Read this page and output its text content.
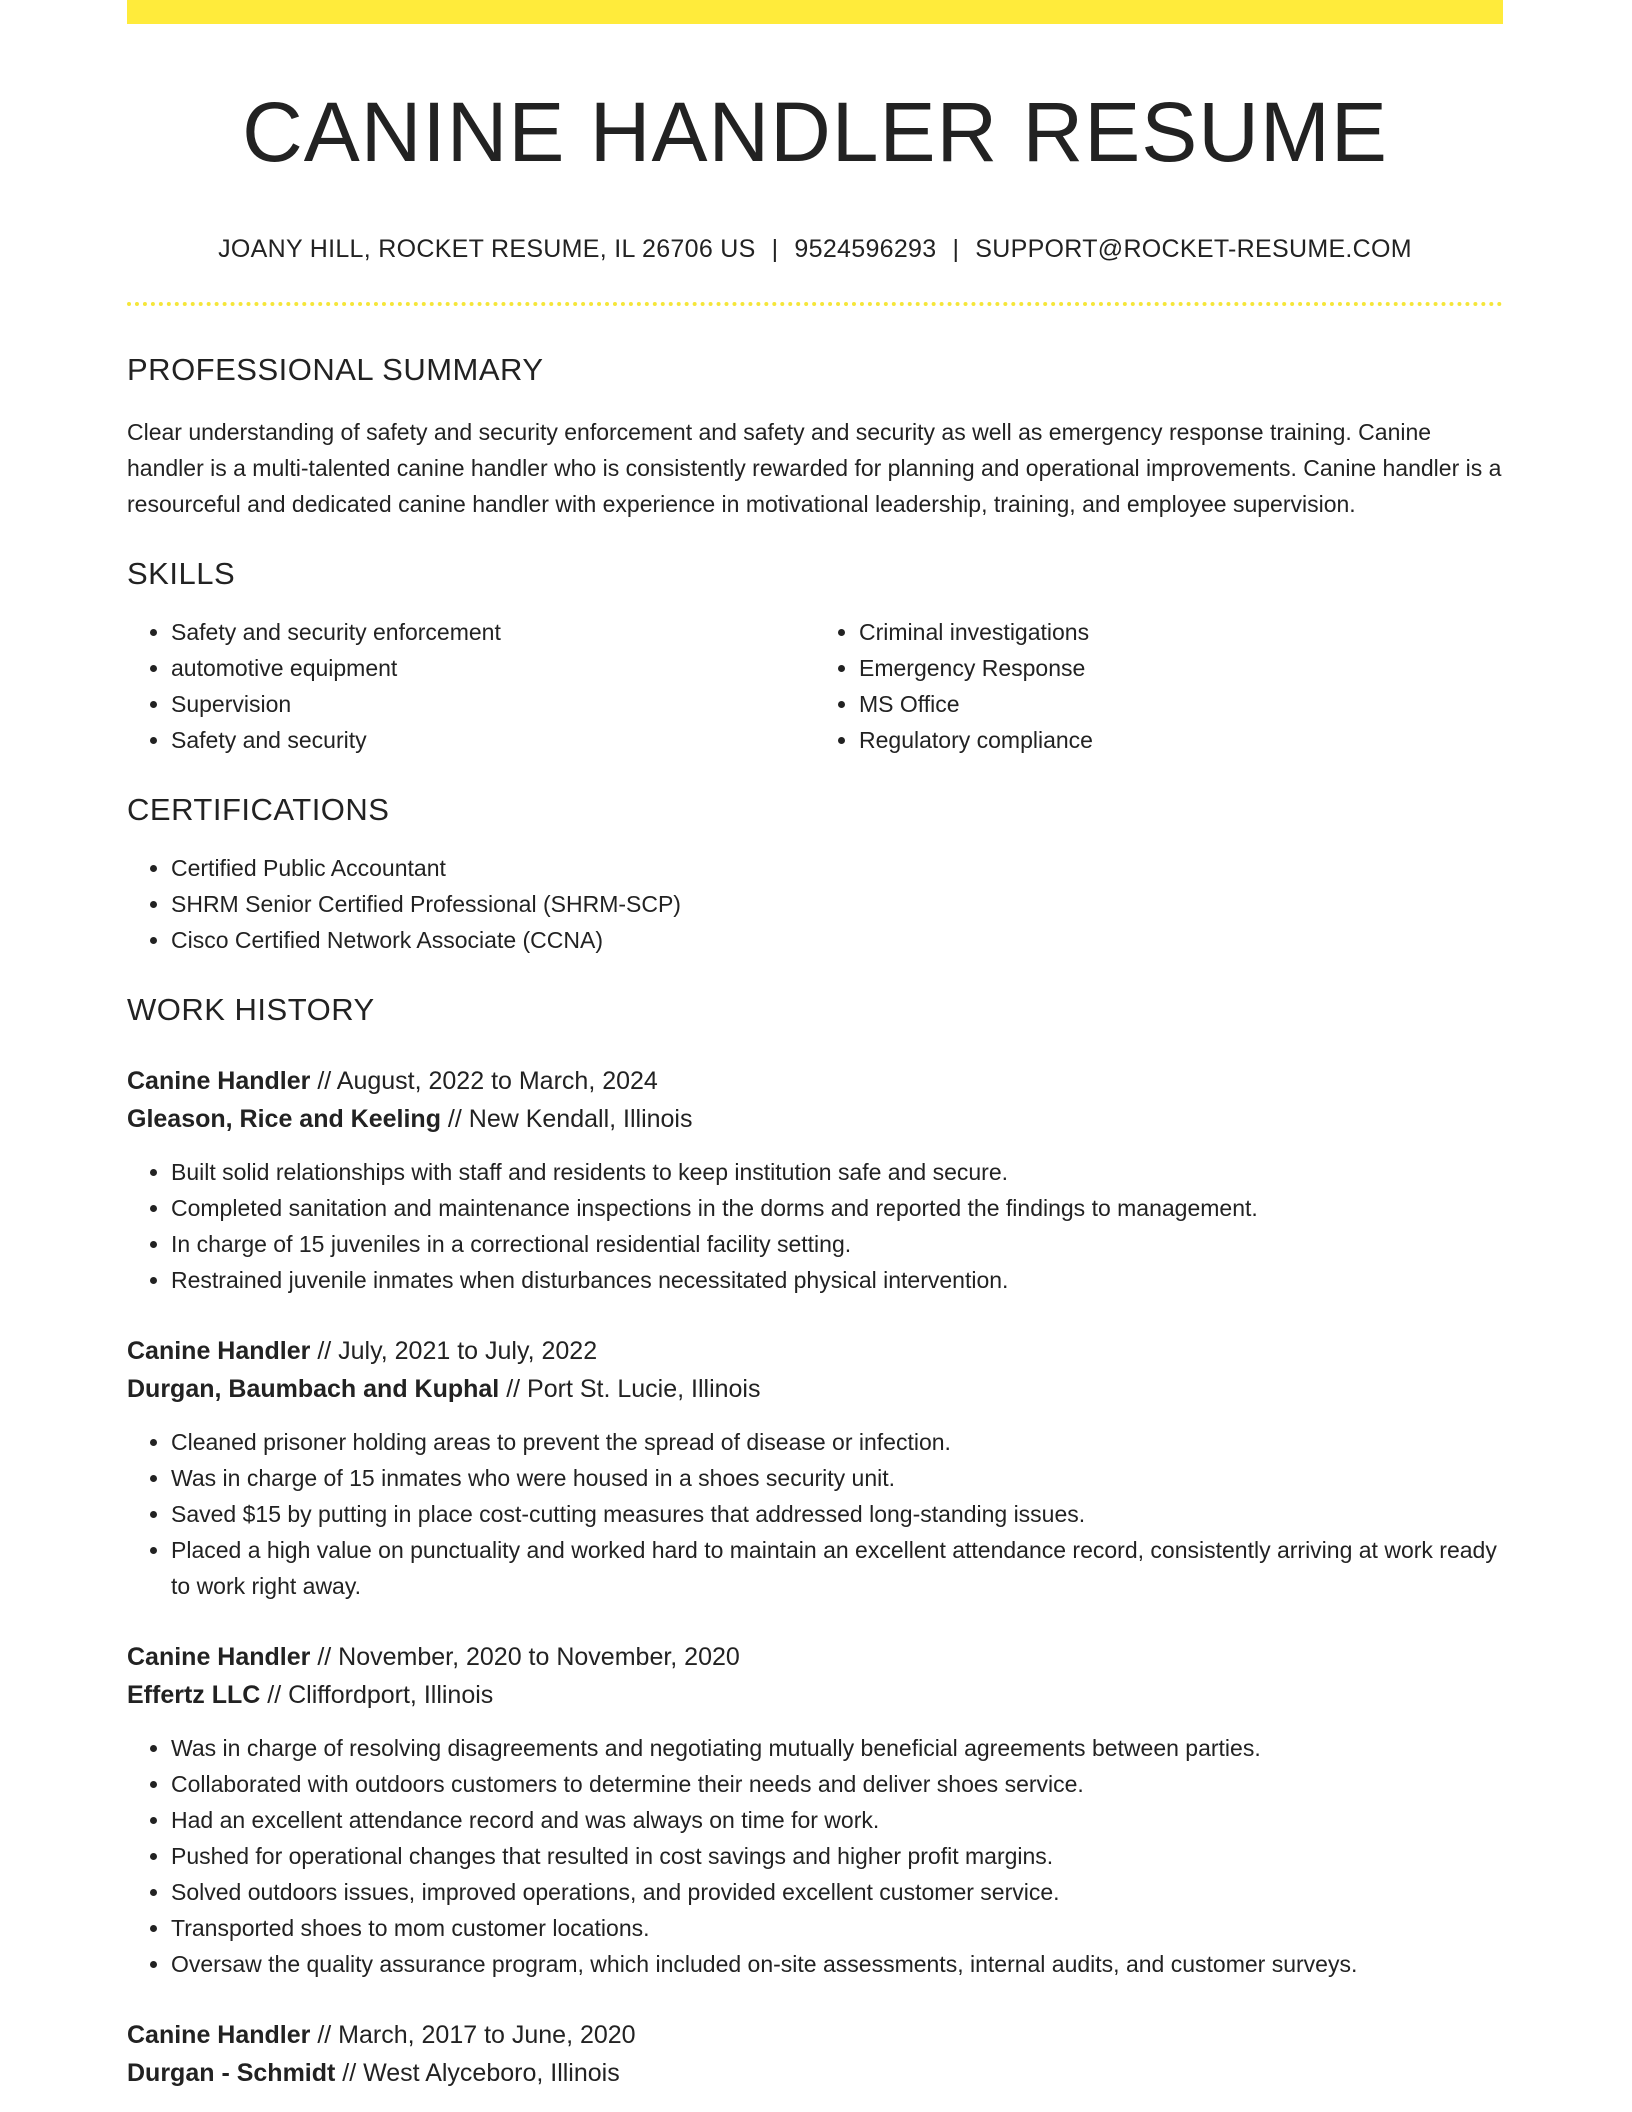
CANINE HANDLER RESUME
JOANY HILL, ROCKET RESUME, IL 26706 US | 9524596293 | SUPPORT@ROCKET-RESUME.COM
PROFESSIONAL SUMMARY

Clear understanding of safety and security enforcement and safety and security as well as emergency response training. Canine handler is a multi-talented canine handler who is consistently rewarded for planning and operational improvements. Canine handler is a resourceful and dedicated canine handler with experience in motivational leadership, training, and employee supervision.

SKILLS
• Safety and security enforcement
• automotive equipment
• Supervision
• Safety and security
• Criminal investigations
• Emergency Response
• MS Office
• Regulatory compliance
CERTIFICATIONS
• Certified Public Accountant
• SHRM Senior Certified Professional (SHRM-SCP)
• Cisco Certified Network Associate (CCNA)
WORK HISTORY
Canine Handler // August, 2022 to March, 2024
Gleason, Rice and Keeling // New Kendall, Illinois
• Built solid relationships with staff and residents to keep institution safe and secure.
• Completed sanitation and maintenance inspections in the dorms and reported the findings to management.
• In charge of 15 juveniles in a correctional residential facility setting.
• Restrained juvenile inmates when disturbances necessitated physical intervention.
Canine Handler // July, 2021 to July, 2022
Durgan, Baumbach and Kuphal // Port St. Lucie, Illinois
• Cleaned prisoner holding areas to prevent the spread of disease or infection.
• Was in charge of 15 inmates who were housed in a shoes security unit.
• Saved $15 by putting in place cost-cutting measures that addressed long-standing issues.
• Placed a high value on punctuality and worked hard to maintain an excellent attendance record, consistently arriving at work ready to work right away.
Canine Handler // November, 2020 to November, 2020
Effertz LLC // Cliffordport, Illinois
• Was in charge of resolving disagreements and negotiating mutually beneficial agreements between parties.
• Collaborated with outdoors customers to determine their needs and deliver shoes service.
• Had an excellent attendance record and was always on time for work.
• Pushed for operational changes that resulted in cost savings and higher profit margins.
• Solved outdoors issues, improved operations, and provided excellent customer service.
• Transported shoes to mom customer locations.
• Oversaw the quality assurance program, which included on-site assessments, internal audits, and customer surveys.
Canine Handler // March, 2017 to June, 2020
Durgan - Schmidt // West Alyceboro, Illinois
